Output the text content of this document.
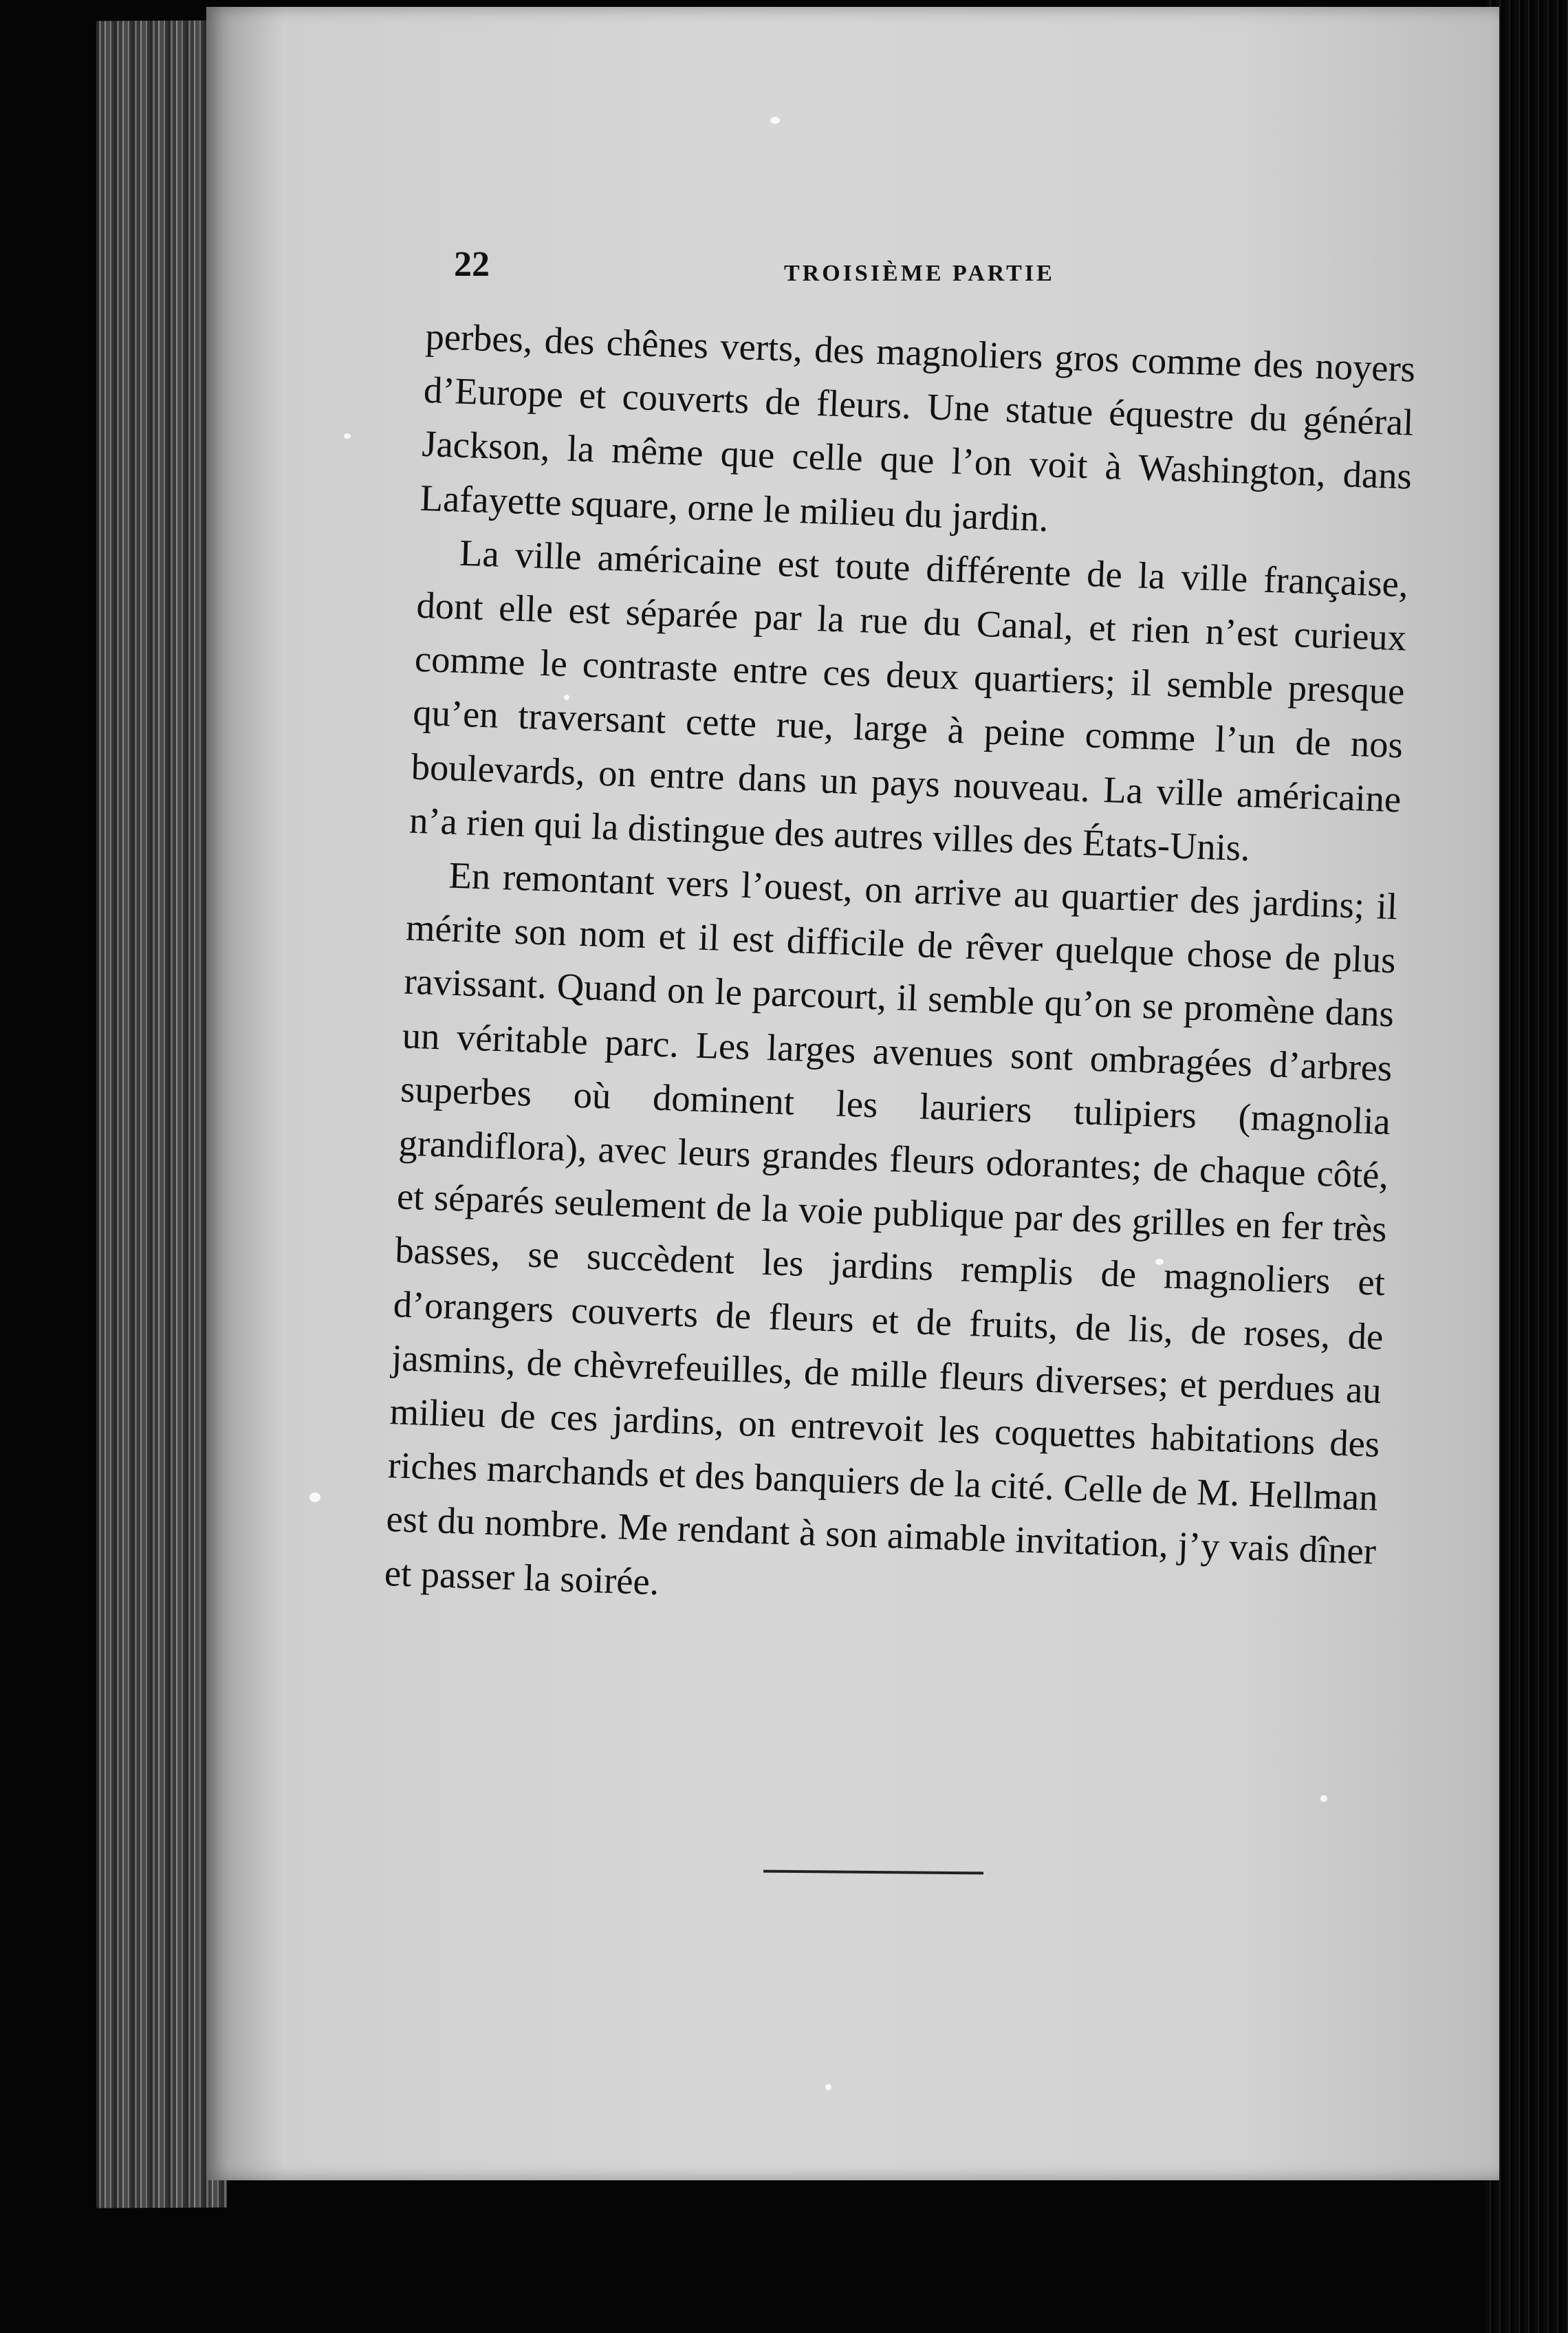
22	TROISIÈME PARTIE

perbes, des chênes verts, des magnoliers gros comme des noyers d’Europe et couverts de fleurs. Une statue équestre du général Jackson, la même que celle que l’on voit à Washington, dans Lafayette square, orne le milieu du jardin.

La ville américaine est toute différente de la ville française, dont elle est séparée par la rue du Canal, et rien n’est curieux comme le contraste entre ces deux quartiers; il semble presque qu’en traversant cette rue, large à peine comme l’un de nos boulevards, on entre dans un pays nouveau. La ville américaine n’a rien qui la distingue des autres villes des États-Unis.

En remontant vers l’ouest, on arrive au quartier des jardins; il mérite son nom et il est difficile de rêver quelque chose de plus ravissant. Quand on le parcourt, il semble qu’on se promène dans un véritable parc. Les larges avenues sont ombragées d’arbres superbes où dominent les lauriers tulipiers (magnolia grandiflora), avec leurs grandes fleurs odorantes; de chaque côté, et séparés seulement de la voie publique par des grilles en fer très basses, se succèdent les jardins remplis de magnoliers et d’orangers couverts de fleurs et de fruits, de lis, de roses, de jasmins, de chèvrefeuilles, de mille fleurs diverses; et perdues au milieu de ces jardins, on entrevoit les coquettes habitations des riches marchands et des banquiers de la cité. Celle de M. Hellman est du nombre. Me rendant à son aimable invitation, j’y vais dîner et passer la soirée.
